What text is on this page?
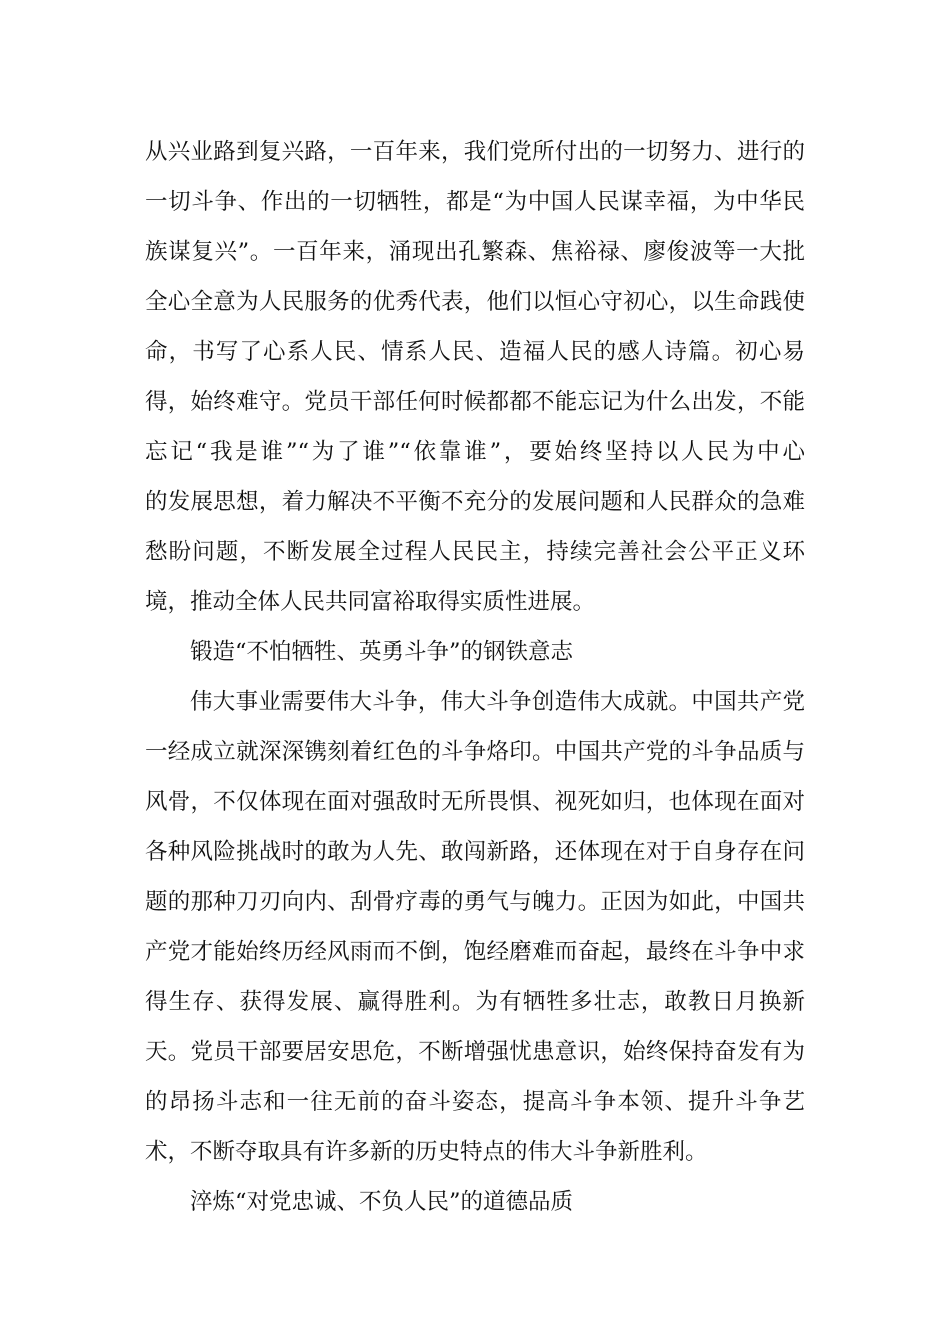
从兴业路到复兴路，一百年来，我们党所付出的一切努力、进行的
一切斗争、作出的一切牺牲，都是“为中国人民谋幸福，为中华民
族谋复兴”。一百年来，涌现出孔繁森、焦裕禄、廖俊波等一大批
全心全意为人民服务的优秀代表，他们以恒心守初心，以生命践使
命，书写了心系人民、情系人民、造福人民的感人诗篇。初心易
得，始终难守。党员干部任何时候都都不能忘记为什么出发，不能
忘记“我是谁”“为了谁”“依靠谁”，要始终坚持以人民为中心
的发展思想，着力解决不平衡不充分的发展问题和人民群众的急难
愁盼问题，不断发展全过程人民民主，持续完善社会公平正义环
境，推动全体人民共同富裕取得实质性进展。
锻造“不怕牺牲、英勇斗争”的钢铁意志
伟大事业需要伟大斗争，伟大斗争创造伟大成就。中国共产党
一经成立就深深镌刻着红色的斗争烙印。中国共产党的斗争品质与
风骨，不仅体现在面对强敌时无所畏惧、视死如归，也体现在面对
各种风险挑战时的敢为人先、敢闯新路，还体现在对于自身存在问
题的那种刀刃向内、刮骨疗毒的勇气与魄力。正因为如此，中国共
产党才能始终历经风雨而不倒，饱经磨难而奋起，最终在斗争中求
得生存、获得发展、赢得胜利。为有牺牲多壮志，敢教日月换新
天。党员干部要居安思危，不断增强忧患意识，始终保持奋发有为
的昂扬斗志和一往无前的奋斗姿态，提高斗争本领、提升斗争艺
术，不断夺取具有许多新的历史特点的伟大斗争新胜利。
淬炼“对党忠诚、不负人民”的道德品质
